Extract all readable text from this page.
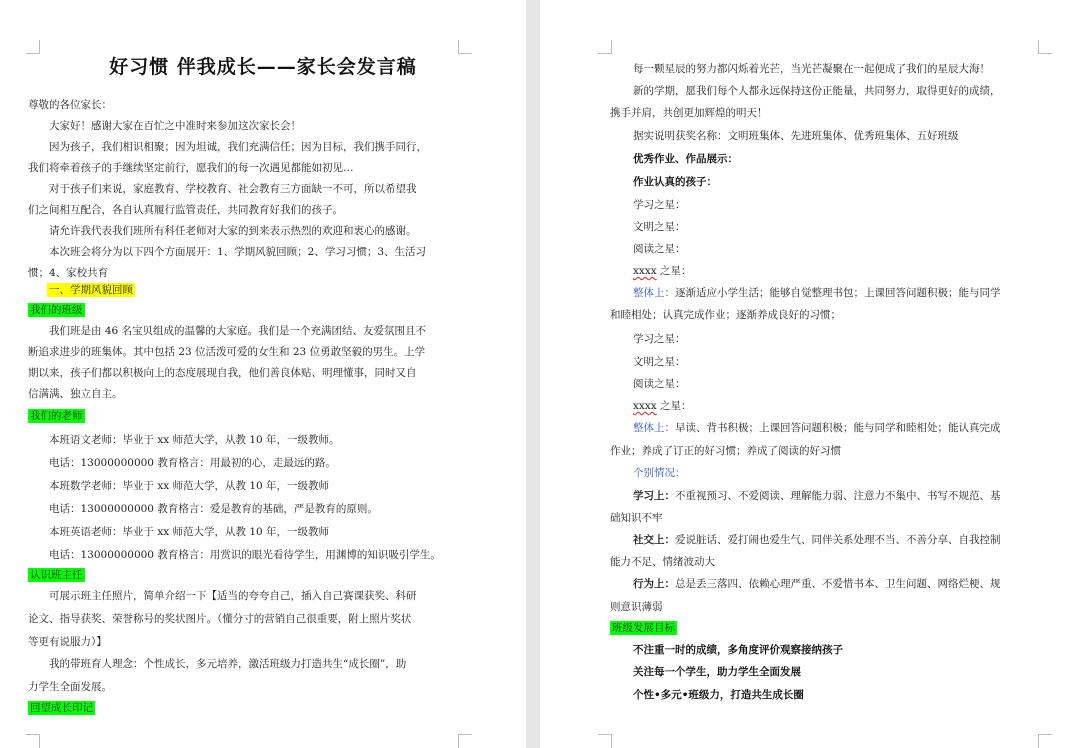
好习惯 伴我成长——家长会发言稿
尊敬的各位家长：
大家好！感谢大家在百忙之中准时来参加这次家长会！
因为孩子，我们相识相聚；因为坦诚，我们充满信任；因为目标，我们携手同行，
我们将牵着孩子的手继续坚定前行，愿我们的每一次遇见都能如初见…
对于孩子们来说，家庭教育、学校教育、社会教育三方面缺一不可，所以希望我
们之间相互配合，各自认真履行监管责任，共同教育好我们的孩子。
请允许我代表我们班所有科任老师对大家的到来表示热烈的欢迎和衷心的感谢。
本次班会将分为以下四个方面展开：1、学期风貌回顾；2、学习习惯；3、生活习
惯；4、家校共育
一、学期风貌回顾
我们的班级
我们班是由 46 名宝贝组成的温馨的大家庭。我们是一个充满团结、友爱氛围且不
断追求进步的班集体。其中包括 23 位活泼可爱的女生和 23 位勇敢坚毅的男生。上学
期以来，孩子们都以积极向上的态度展现自我，他们善良体贴、明理懂事，同时又自
信满满、独立自主。
我们的老师
本班语文老师：毕业于 xx 师范大学，从教 10 年，一级教师。
电话：13000000000 教育格言：用最初的心，走最远的路。
本班数学老师：毕业于 xx 师范大学，从教 10 年，一级教师
电话：13000000000 教育格言：爱是教育的基础，严是教育的原则。
本班英语老师：毕业于 xx 师范大学，从教 10 年，一级教师
电话：13000000000 教育格言：用赏识的眼光看待学生，用渊博的知识吸引学生。
认识班主任
可展示班主任照片，简单介绍一下【适当的夸夸自己，插入自己赛课获奖、科研
论文、指导获奖、荣誉称号的奖状图片。（懂分寸的营销自己很重要，附上照片奖状
等更有说服力）】
我的带班育人理念：个性成长，多元培养，激活班级力打造共生“成长圈”，助
力学生全面发展。
回望成长印记
每一颗星辰的努力都闪烁着光芒，当光芒凝聚在一起便成了我们的星辰大海！
新的学期，愿我们每个人都永远保持这份正能量，共同努力，取得更好的成绩，
携手并肩，共创更加辉煌的明天！
据实说明获奖名称：文明班集体、先进班集体、优秀班集体、五好班级
优秀作业、作品展示：
作业认真的孩子：
学习之星：
文明之星：
阅读之星：
xxxx 之星：
整体上：逐渐适应小学生活；能够自觉整理书包；上课回答问题积极；能与同学
和睦相处；认真完成作业；逐渐养成良好的习惯；
学习之星：
文明之星：
阅读之星：
xxxx 之星：
整体上：早读、背书积极；上课回答问题积极；能与同学和睦相处；能认真完成
作业；养成了订正的好习惯；养成了阅读的好习惯
个别情况：
学习上：不重视预习、不爱阅读、理解能力弱、注意力不集中、书写不规范、基
础知识不牢
社交上：爱说脏话、爱打闹也爱生气、同伴关系处理不当、不善分享、自我控制
能力不足、情绪波动大
行为上：总是丢三落四、依赖心理严重、不爱惜书本、卫生问题、网络烂梗、规
则意识薄弱
班级发展目标
不注重一时的成绩，多角度评价观察接纳孩子
关注每一个学生，助力学生全面发展
个性•多元•班级力，打造共生成长圈
